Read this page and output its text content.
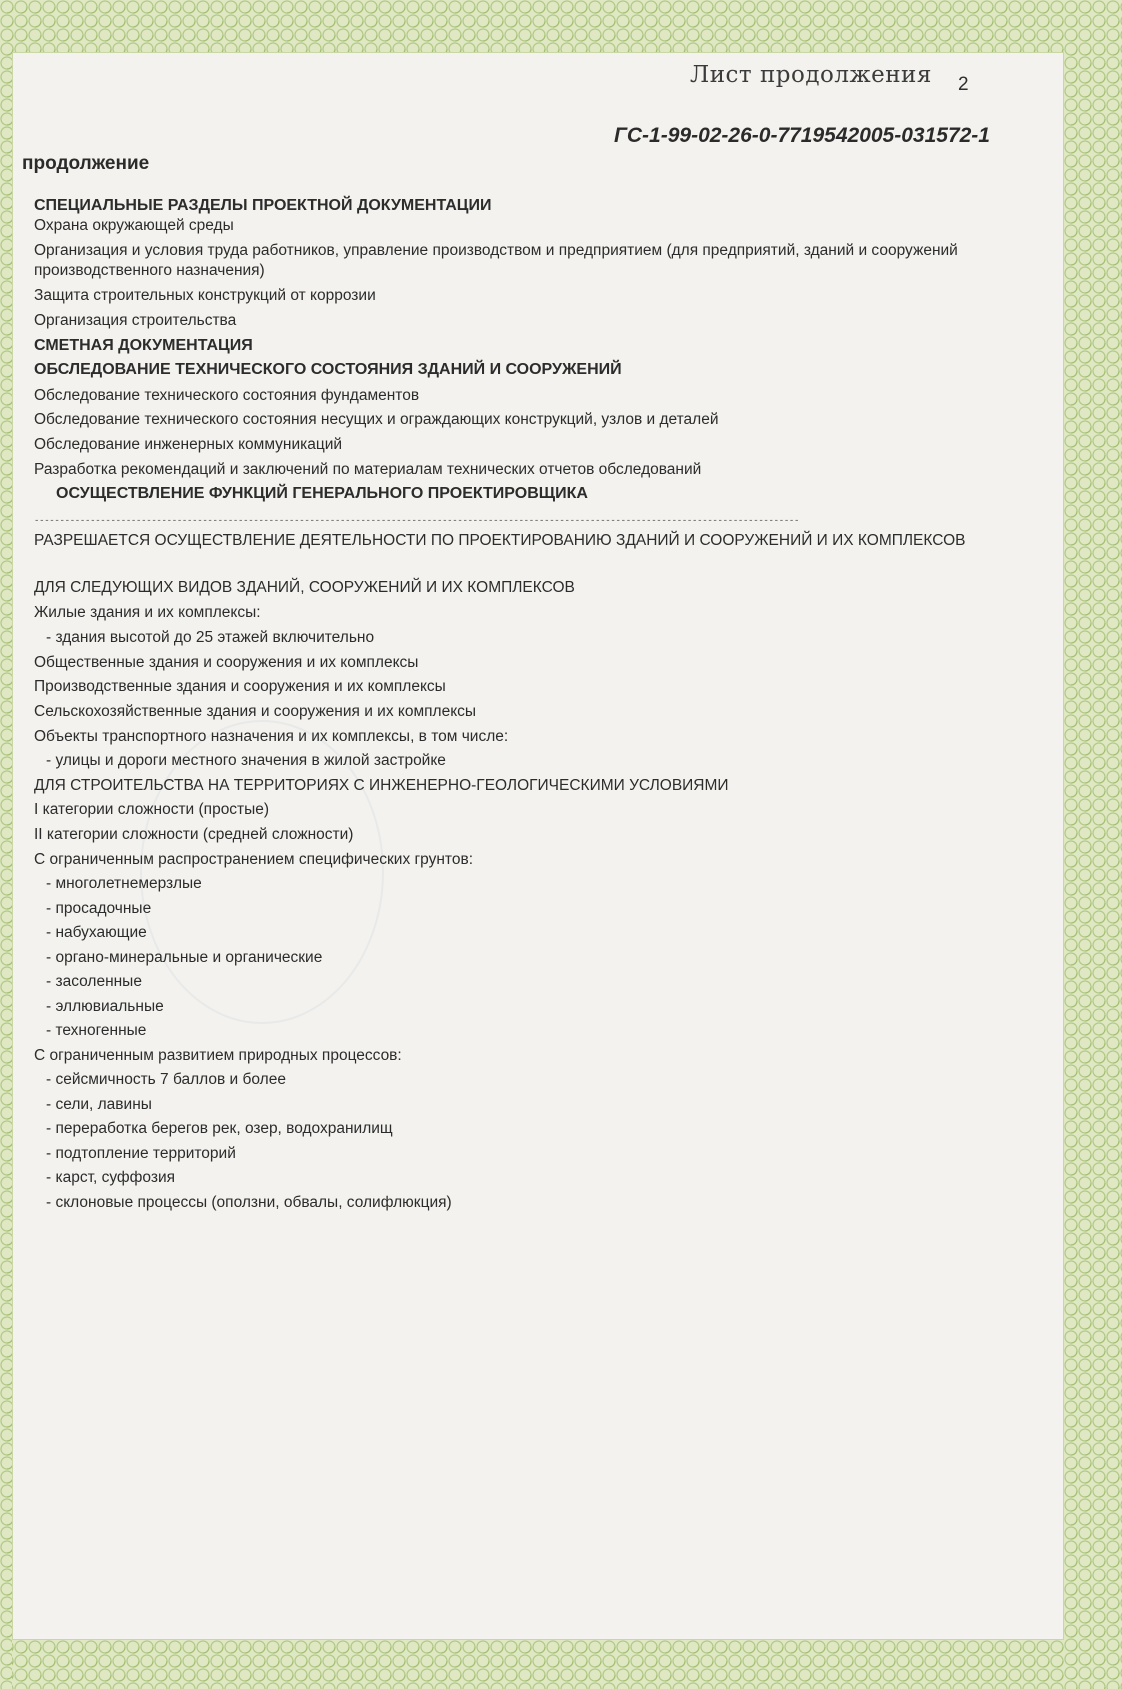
Лист продолжения 2
ГС-1-99-02-26-0-7719542005-031572-1
продолжение
СПЕЦИАЛЬНЫЕ РАЗДЕЛЫ ПРОЕКТНОЙ ДОКУМЕНТАЦИИ
Охрана окружающей среды
Организация и условия труда работников, управление производством и предприятием (для предприятий, зданий и сооружений производственного назначения)
Защита строительных конструкций от коррозии
Организация строительства
СМЕТНАЯ ДОКУМЕНТАЦИЯ
ОБСЛЕДОВАНИЕ ТЕХНИЧЕСКОГО СОСТОЯНИЯ ЗДАНИЙ И СООРУЖЕНИЙ
Обследование технического состояния фундаментов
Обследование технического состояния несущих и ограждающих конструкций, узлов и деталей
Обследование инженерных коммуникаций
Разработка рекомендаций и заключений по материалам технических отчетов обследований
ОСУЩЕСТВЛЕНИЕ ФУНКЦИЙ ГЕНЕРАЛЬНОГО ПРОЕКТИРОВЩИКА
РАЗРЕШАЕТСЯ ОСУЩЕСТВЛЕНИЕ ДЕЯТЕЛЬНОСТИ ПО ПРОЕКТИРОВАНИЮ ЗДАНИЙ И СООРУЖЕНИЙ И ИХ КОМПЛЕКСОВ
ДЛЯ СЛЕДУЮЩИХ ВИДОВ ЗДАНИЙ, СООРУЖЕНИЙ И ИХ КОМПЛЕКСОВ
Жилые здания и их комплексы:
- здания высотой до 25 этажей включительно
Общественные здания и сооружения и их комплексы
Производственные здания и сооружения и их комплексы
Сельскохозяйственные здания и сооружения и их комплексы
Объекты транспортного назначения и их комплексы, в том числе:
- улицы и дороги местного значения в жилой застройке
ДЛЯ СТРОИТЕЛЬСТВА НА ТЕРРИТОРИЯХ С ИНЖЕНЕРНО-ГЕОЛОГИЧЕСКИМИ УСЛОВИЯМИ
I категории сложности (простые)
II категории сложности (средней сложности)
С ограниченным распространением специфических грунтов:
- многолетнемерзлые
- просадочные
- набухающие
- органо-минеральные и органические
- засоленные
- эллювиальные
- техногенные
С ограниченным развитием природных процессов:
- сейсмичность 7 баллов и более
- сели, лавины
- переработка берегов рек, озер, водохранилищ
- подтопление территорий
- карст, суффозия
- склоновые процессы (оползни, обвалы, солифлюкция)
------------------------------------------------------------------------------------------------------------------------------------------------------
